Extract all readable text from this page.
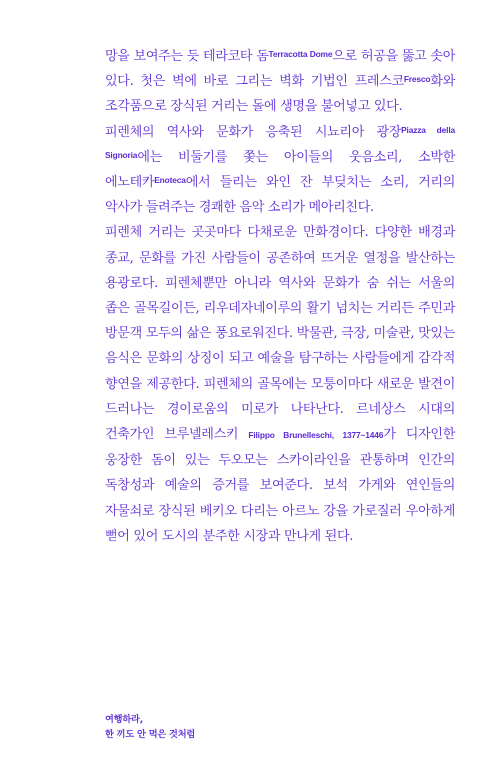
망을 보여주는 듯 테라코타 돔$^{Terracotta Dome}$으로 허공을 뚫고 솟아 있다. 첫은 벽에 바로 그리는 벽화 기법인 프레스코$^{Fresco}$화와 조각품으로 장식된 거리는 돌에 생명을 불어넣고 있다.

피렌체의 역사와 문화가 응축된 시뇨리아 광장$^{Piazza della Signoria}$에는 비둘기를 쫓는 아이들의 웃음소리, 소박한 에노테카$^{Enoteca}$에서 들리는 와인 잔 부딪치는 소리, 거리의 악사가 들려주는 경쾌한 음악 소리가 메아리친다.

피렌체 거리는 곳곳마다 다채로운 만화경이다. 다양한 배경과 종교, 문화를 가진 사람들이 공존하여 뜨거운 열정을 발산하는 용광로다. 피렌체뿐만 아니라 역사와 문화가 숨 쉬는 서울의 좁은 골목길이든, 리우데자네이루의 활기 넘치는 거리든 주민과 방문객 모두의 삶은 풍요로워진다. 박물관, 극장, 미술관, 맛있는 음식은 문화의 상징이 되고 예술을 탐구하는 사람들에게 감각적 향연을 제공한다. 피렌체의 골목에는 모퉁이마다 새로운 발견이 드러나는 경이로움의 미로가 나타난다. 르네상스 시대의 건축가인 브루넬레스키 Filippo Brunelleschi, 1377~1446가 디자인한 웅장한 돔이 있는 두오모는 스카이라인을 관통하며 인간의 독창성과 예술의 증거를 보여준다. 보석 가게와 연인들의 자물쇠로 장식된 베키오 다리는 아르노 강을 가로질러 우아하게 뻗어 있어 도시의 분주한 시장과 만나게 된다.

여행하라,
한 끼도 안 먹은 것처럼
